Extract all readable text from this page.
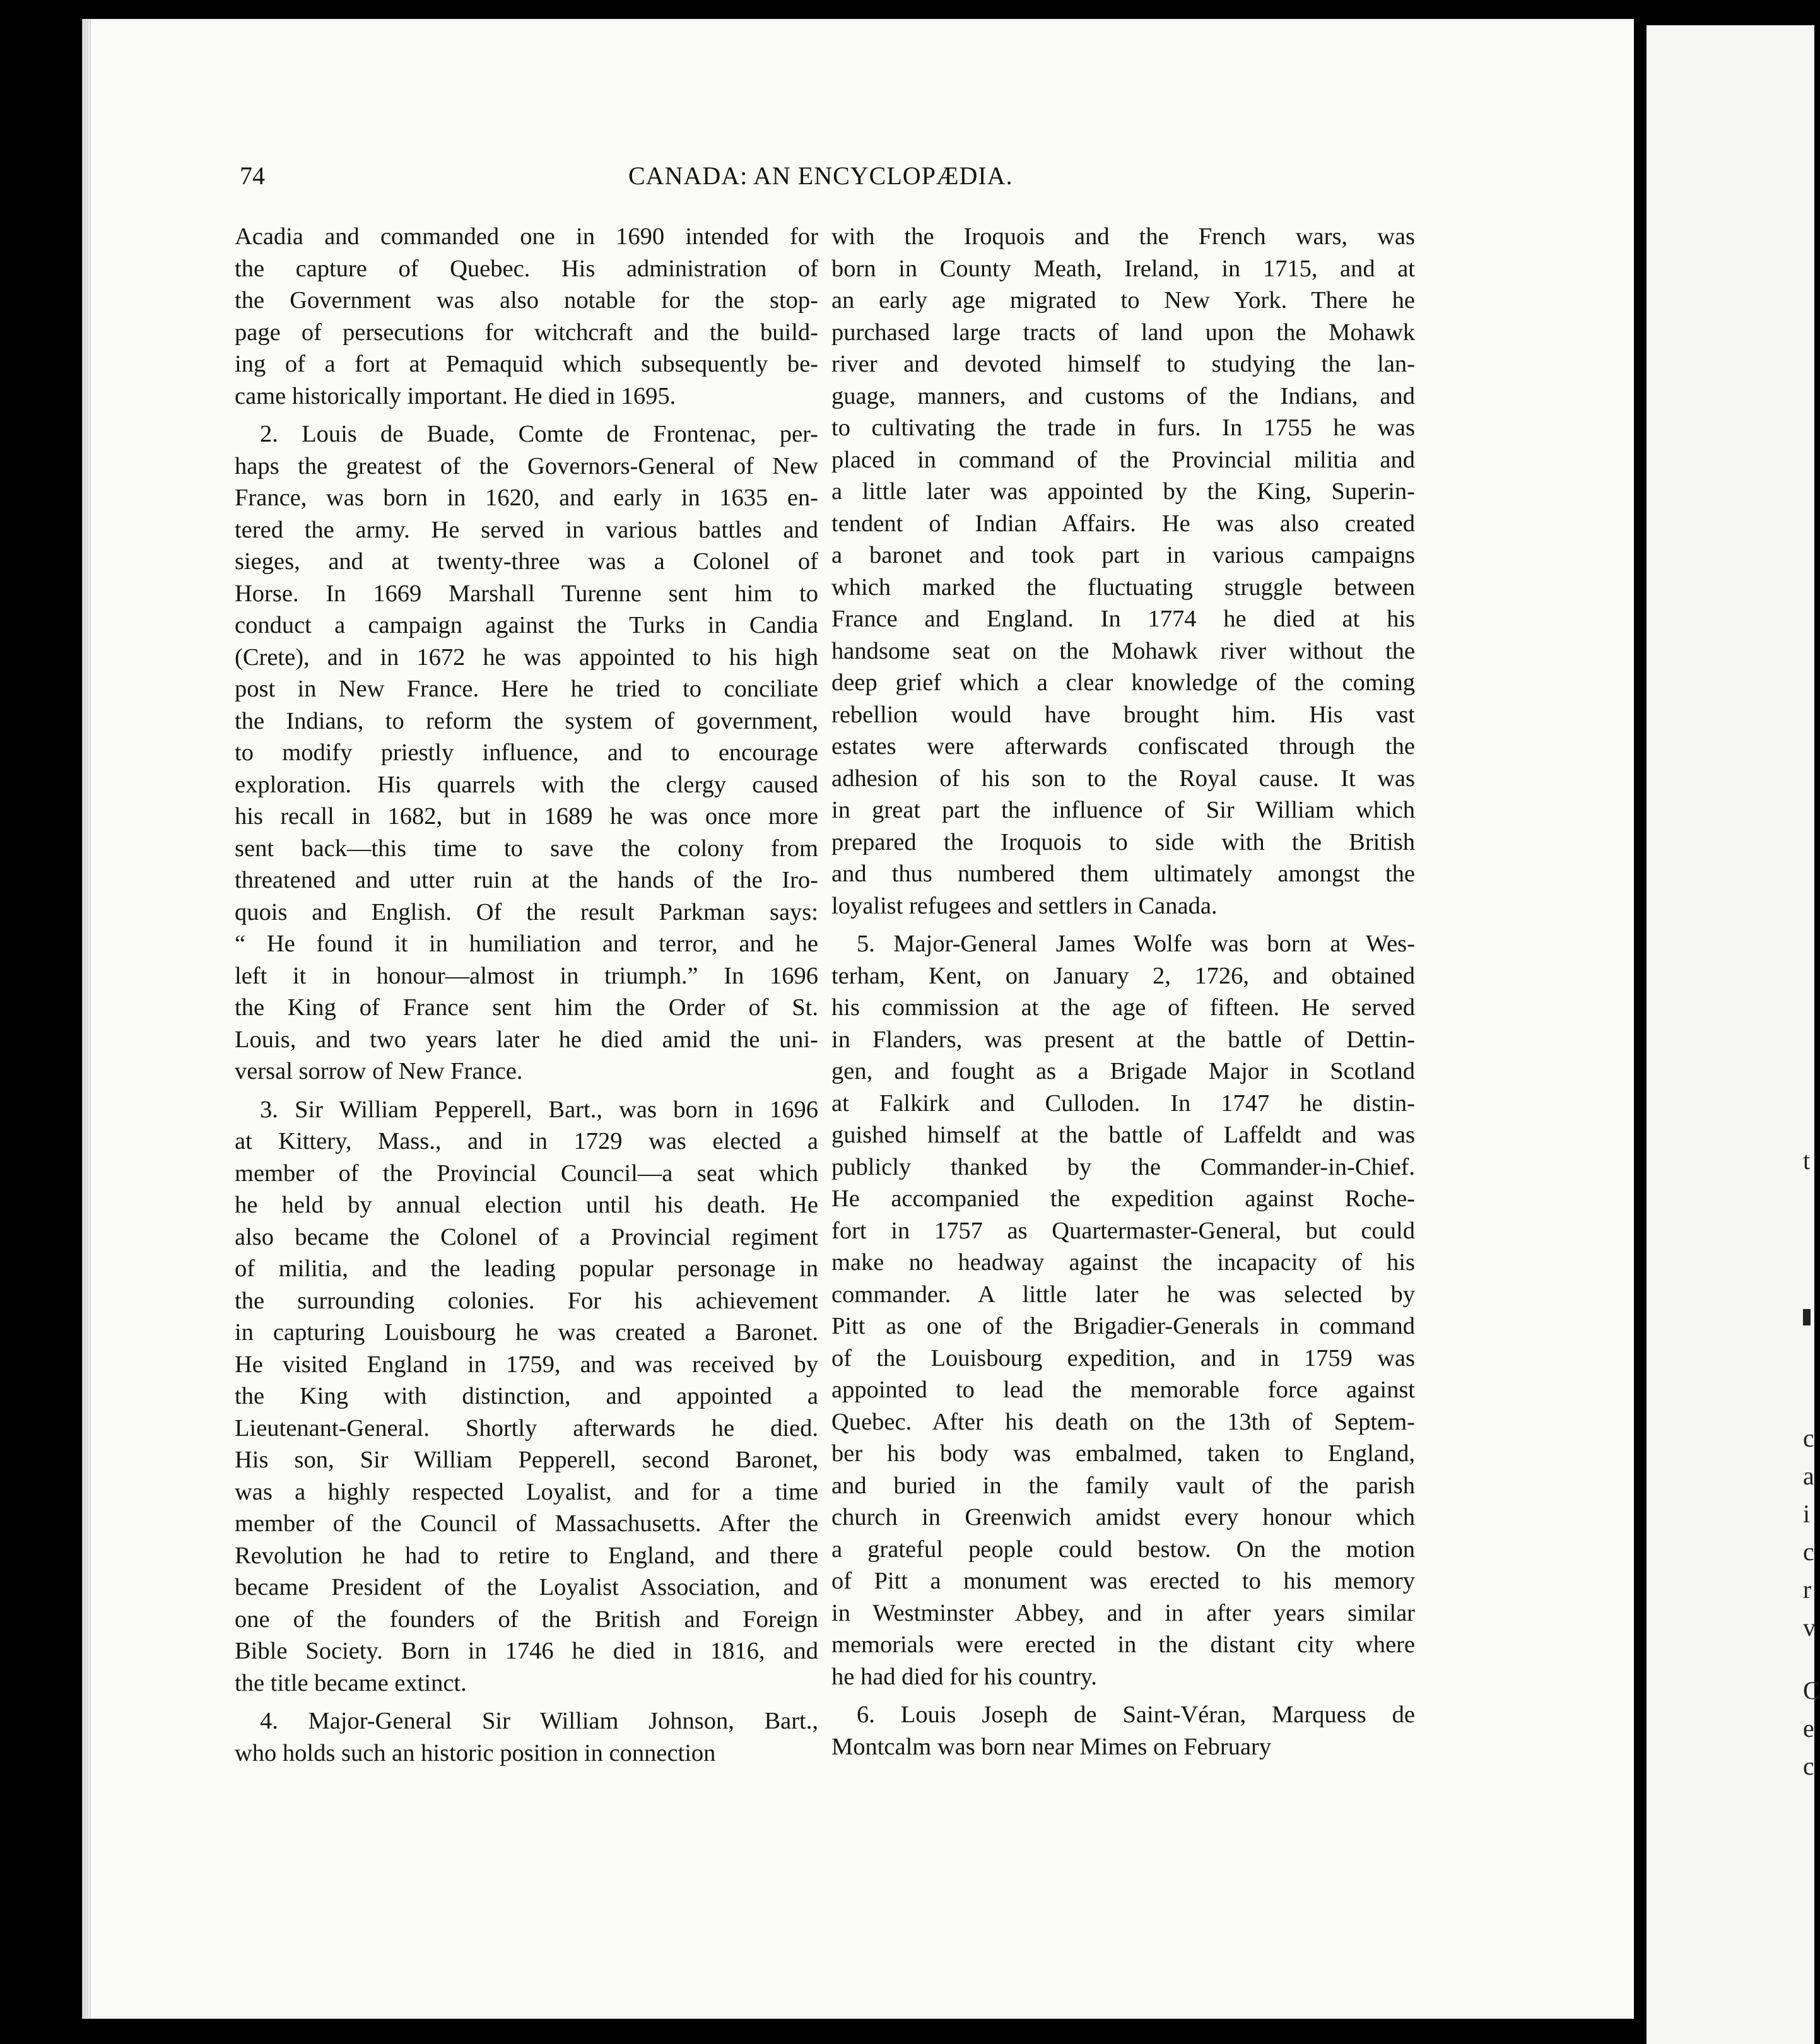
74	CANADA: AN ENCYCLOPÆDIA.
Acadia and commanded one in 1690 intended for
the capture of Quebec. His administration of
the Government was also notable for the stop-
page of persecutions for witchcraft and the build-
ing of a fort at Pemaquid which subsequently be-
came historically important. He died in 1695.
2. Louis de Buade, Comte de Frontenac, per-
haps the greatest of the Governors-General of New
France, was born in 1620, and early in 1635 en-
tered the army. He served in various battles and
sieges, and at twenty-three was a Colonel of
Horse. In 1669 Marshall Turenne sent him to
conduct a campaign against the Turks in Candia
(Crete), and in 1672 he was appointed to his high
post in New France. Here he tried to conciliate
the Indians, to reform the system of government,
to modify priestly influence, and to encourage
exploration. His quarrels with the clergy caused
his recall in 1682, but in 1689 he was once more
sent back—this time to save the colony from
threatened and utter ruin at the hands of the Iro-
quois and English. Of the result Parkman says:
“ He found it in humiliation and terror, and he
left it in honour—almost in triumph.” In 1696
the King of France sent him the Order of St.
Louis, and two years later he died amid the uni-
versal sorrow of New France.
3. Sir William Pepperell, Bart., was born in 1696
at Kittery, Mass., and in 1729 was elected a
member of the Provincial Council—a seat which
he held by annual election until his death. He
also became the Colonel of a Provincial regiment
of militia, and the leading popular personage in
the surrounding colonies. For his achievement
in capturing Louisbourg he was created a Baronet.
He visited England in 1759, and was received by
the King with distinction, and appointed a
Lieutenant-General. Shortly afterwards he died.
His son, Sir William Pepperell, second Baronet,
was a highly respected Loyalist, and for a time
member of the Council of Massachusetts. After the
Revolution he had to retire to England, and there
became President of the Loyalist Association, and
one of the founders of the British and Foreign
Bible Society. Born in 1746 he died in 1816, and
the title became extinct.
4. Major-General Sir William Johnson, Bart.,
who holds such an historic position in connection
with the Iroquois and the French wars, was
born in County Meath, Ireland, in 1715, and at
an early age migrated to New York. There he
purchased large tracts of land upon the Mohawk
river and devoted himself to studying the lan-
guage, manners, and customs of the Indians, and
to cultivating the trade in furs. In 1755 he was
placed in command of the Provincial militia and
a little later was appointed by the King, Superin-
tendent of Indian Affairs. He was also created
a baronet and took part in various campaigns
which marked the fluctuating struggle between
France and England. In 1774 he died at his
handsome seat on the Mohawk river without the
deep grief which a clear knowledge of the coming
rebellion would have brought him. His vast
estates were afterwards confiscated through the
adhesion of his son to the Royal cause. It was
in great part the influence of Sir William which
prepared the Iroquois to side with the British
and thus numbered them ultimately amongst the
loyalist refugees and settlers in Canada.
5. Major-General James Wolfe was born at Wes-
terham, Kent, on January 2, 1726, and obtained
his commission at the age of fifteen. He served
in Flanders, was present at the battle of Dettin-
gen, and fought as a Brigade Major in Scotland
at Falkirk and Culloden. In 1747 he distin-
guished himself at the battle of Laffeldt and was
publicly thanked by the Commander-in-Chief.
He accompanied the expedition against Roche-
fort in 1757 as Quartermaster-General, but could
make no headway against the incapacity of his
commander. A little later he was selected by
Pitt as one of the Brigadier-Generals in command
of the Louisbourg expedition, and in 1759 was
appointed to lead the memorable force against
Quebec. After his death on the 13th of Septem-
ber his body was embalmed, taken to England,
and buried in the family vault of the parish
church in Greenwich amidst every honour which
a grateful people could bestow. On the motion
of Pitt a monument was erected to his memory
in Westminster Abbey, and in after years similar
memorials were erected in the distant city where
he had died for his country.
6. Louis Joseph de Saint-Véran, Marquess de
Montcalm was born near Mimes on February
t
c
a
i
c
r
v
C
e
c
